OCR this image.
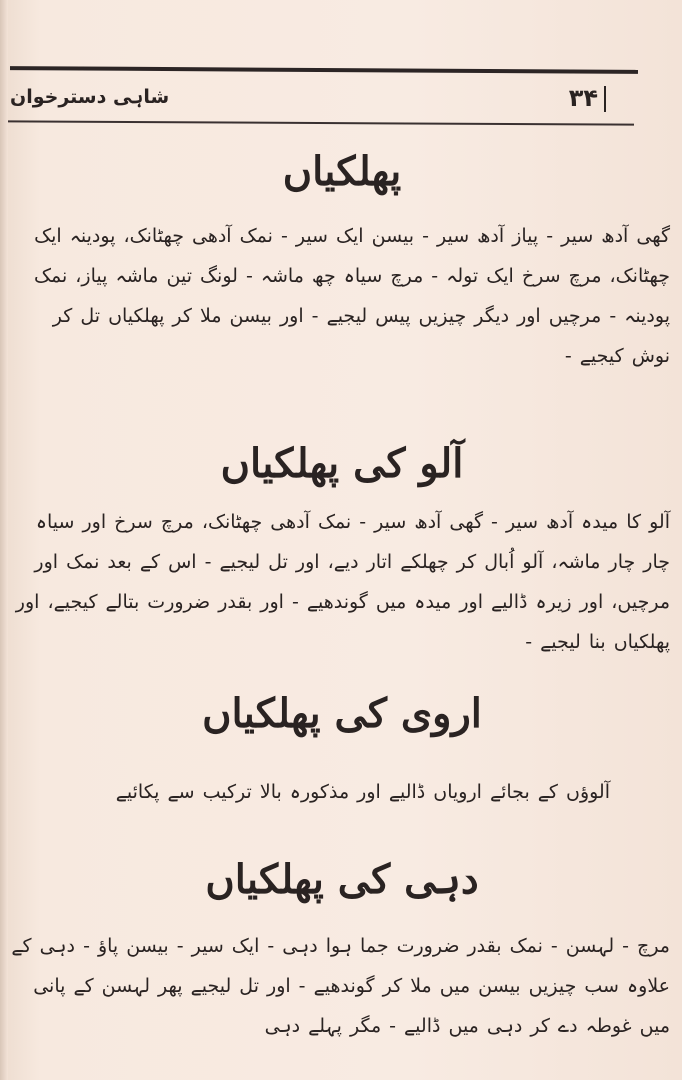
۳۴
شاہی دسترخوان
پھلکیاں

گھی آدھ سیر - پیاز آدھ سیر - بیسن ایک سیر - نمک آدھی چھٹانک، پودینہ ایک چھٹانک، مرچ سرخ ایک تولہ - مرچ سیاہ چھ ماشہ - لونگ تین ماشہ پیاز، نمک پودینہ - مرچیں اور دیگر چیزیں پیس لیجیے - اور بیسن ملا کر پھلکیاں تل کر نوش کیجیے -

آلو کی پھلکیاں

آلو کا میدہ آدھ سیر - گھی آدھ سیر - نمک آدھی چھٹانک، مرچ سرخ اور سیاہ چار چار ماشہ، آلو اُبال کر چھلکے اتار دیے، اور تل لیجیے - اس کے بعد نمک اور مرچیں، اور زیرہ ڈالیے اور میدہ میں گوندھیے - اور بقدر ضرورت بتالے کیجیے، اور پھلکیاں بنا لیجیے -

اروی کی پھلکیاں

آلوؤں کے بجائے ارویاں ڈالیے اور مذکورہ بالا ترکیب سے پکائیے

دہی کی پھلکیاں

مرچ - لہسن - نمک بقدر ضرورت جما ہوا دہی - ایک سیر - بیسن پاؤ - دہی کے علاوہ سب چیزیں بیسن میں ملا کر گوندھیے - اور تل لیجیے پھر لہسن کے پانی میں غوطہ دے کر دہی میں ڈالیے - مگر پہلے دہی
